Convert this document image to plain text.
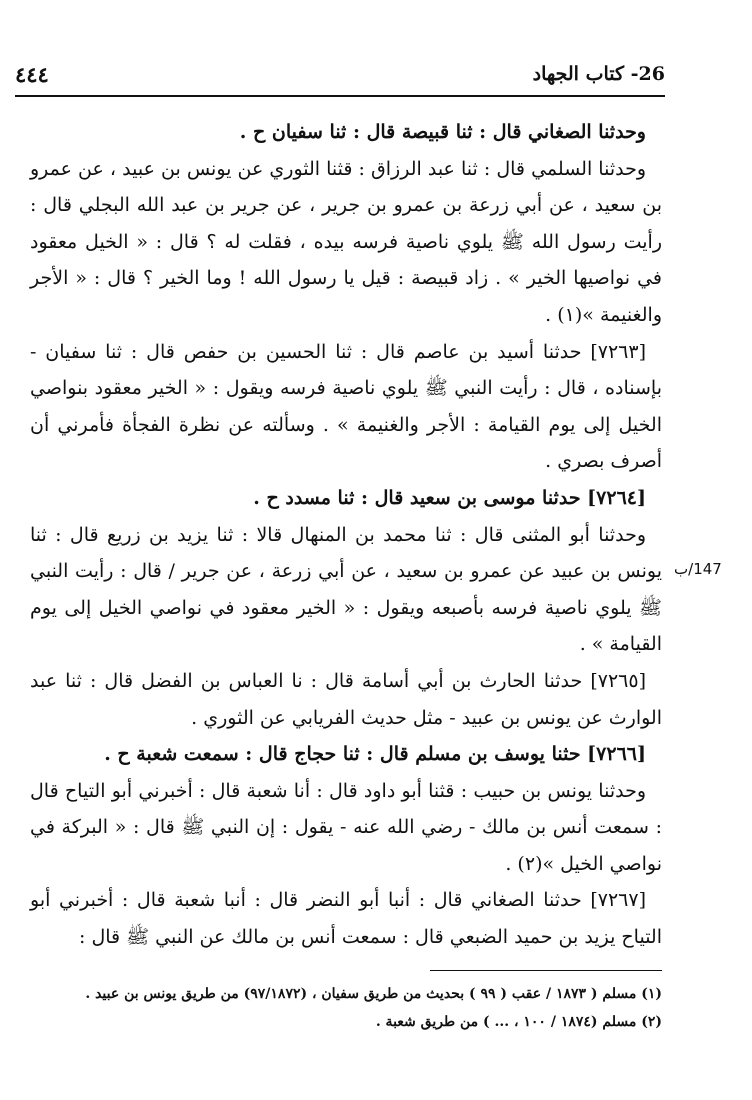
٤٤٤	26- كتاب الجهاد

وحدثنا الصغاني قال : ثنا قبيصة قال : ثنا سفيان ح .

وحدثنا السلمي قال : ثنا عبد الرزاق : قثنا الثوري عن يونس بن عبيد ، عن عمرو بن سعيد ، عن أبي زرعة بن عمرو بن جرير ، عن جرير بن عبد الله البجلي قال : رأيت رسول الله ﷺ يلوي ناصية فرسه بيده ، فقلت له ؟ قال : « الخيل معقود في نواصيها الخير » . زاد قبيصة : قيل يا رسول الله ! وما الخير ؟ قال : « الأجر والغنيمة »(١) .

[٧٢٦٣] حدثنا أسيد بن عاصم قال : ثنا الحسين بن حفص قال : ثنا سفيان - بإسناده ، قال : رأيت النبي ﷺ يلوي ناصية فرسه ويقول : « الخير معقود بنواصي الخيل إلى يوم القيامة : الأجر والغنيمة » . وسألته عن نظرة الفجأة فأمرني أن أصرف بصري .

[٧٢٦٤] حدثنا موسى بن سعيد قال : ثنا مسدد ح .

وحدثنا أبو المثنى قال : ثنا محمد بن المنهال قالا : ثنا يزيد بن زريع قال : ثنا يونس بن عبيد عن عمرو بن سعيد ، عن أبي زرعة ، عن جرير / قال : رأيت النبي ﷺ يلوي ناصية فرسه بأصبعه ويقول : « الخير معقود في نواصي الخيل إلى يوم القيامة » .

[٧٢٦٥] حدثنا الحارث بن أبي أسامة قال : نا العباس بن الفضل قال : ثنا عبد الوارث عن يونس بن عبيد - مثل حديث الفريابي عن الثوري .

[٧٢٦٦] حثنا يوسف بن مسلم قال : ثنا حجاج قال : سمعت شعبة ح .

وحدثنا يونس بن حبيب : قثنا أبو داود قال : أنا شعبة قال : أخبرني أبو التياح قال : سمعت أنس بن مالك - رضي الله عنه - يقول : إن النبي ﷺ قال : « البركة في نواصي الخيل »(٢) .

[٧٢٦٧] حدثنا الصغاني قال : أنبا أبو النضر قال : أنبا شعبة قال : أخبرني أبو التياح يزيد بن حميد الضبعي قال : سمعت أنس بن مالك عن النبي ﷺ قال :

147/ب

(١) مسلم ( ١٨٧٣ / عقب ( ٩٩ ) بحديث من طريق سفيان ، (٩٧/١٨٧٢) من طريق يونس بن عبيد .

(٢) مسلم (١٨٧٤ / ١٠٠ ، ... ) من طريق شعبة .
